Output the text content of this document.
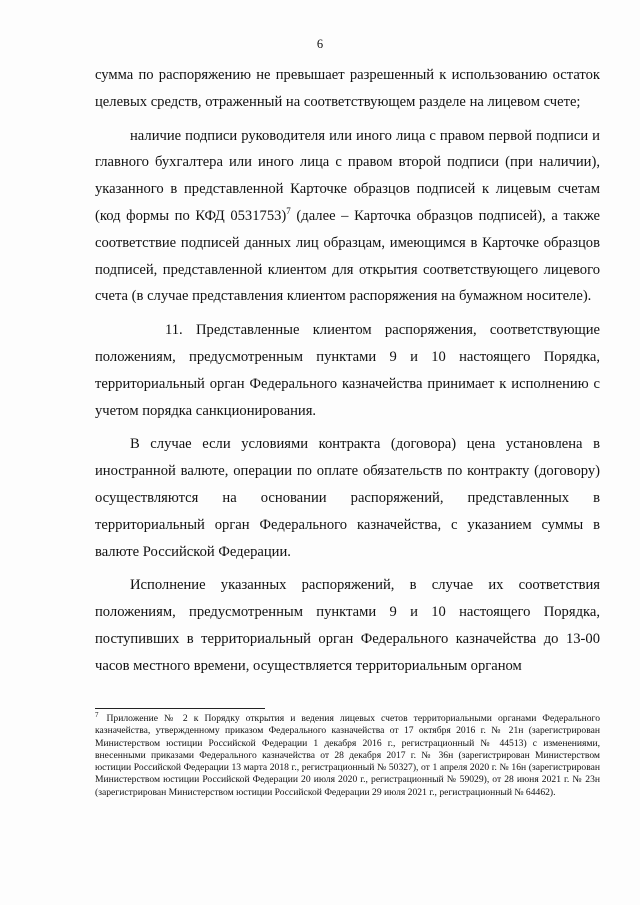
6

сумма по распоряжению не превышает разрешенный к использованию остаток целевых средств, отраженный на соответствующем разделе на лицевом счете;

наличие подписи руководителя или иного лица с правом первой подписи и главного бухгалтера или иного лица с правом второй подписи (при наличии), указанного в представленной Карточке образцов подписей к лицевым счетам (код формы по КФД 0531753)$^7$ (далее – Карточка образцов подписей), а также соответствие подписей данных лиц образцам, имеющимся в Карточке образцов подписей, представленной клиентом для открытия соответствующего лицевого счета (в случае представления клиентом распоряжения на бумажном носителе).

11. Представленные клиентом распоряжения, соответствующие положениям, предусмотренным пунктами 9 и 10 настоящего Порядка, территориальный орган Федерального казначейства принимает к исполнению с учетом порядка санкционирования.

В случае если условиями контракта (договора) цена установлена в иностранной валюте, операции по оплате обязательств по контракту (договору) осуществляются на основании распоряжений, представленных в территориальный орган Федерального казначейства, с указанием суммы в валюте Российской Федерации.

Исполнение указанных распоряжений, в случае их соответствия положениям, предусмотренным пунктами 9 и 10 настоящего Порядка, поступивших в территориальный орган Федерального казначейства до 13-00 часов местного времени, осуществляется территориальным органом

$^7$ Приложение № 2 к Порядку открытия и ведения лицевых счетов территориальными органами Федерального казначейства, утвержденному приказом Федерального казначейства от 17 октября 2016 г. № 21н (зарегистрирован Министерством юстиции Российской Федерации 1 декабря 2016 г., регистрационный № 44513) с изменениями, внесенными приказами Федерального казначейства от 28 декабря 2017 г. № 36н (зарегистрирован Министерством юстиции Российской Федерации 13 марта 2018 г., регистрационный № 50327), от 1 апреля 2020 г. № 16н (зарегистрирован Министерством юстиции Российской Федерации 20 июля 2020 г., регистрационный № 59029), от 28 июня 2021 г. № 23н (зарегистрирован Министерством юстиции Российской Федерации 29 июля 2021 г., регистрационный № 64462).
